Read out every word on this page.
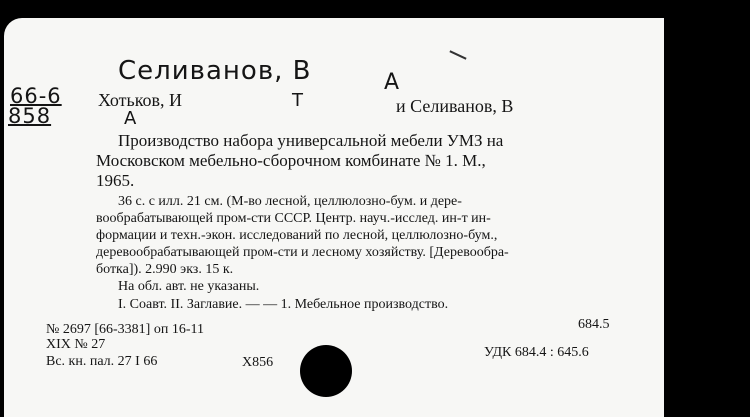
Селиванов, В	А
66-6
858
Хотьков, И	Т	и Селиванов, В
А
Производство набора универсальной мебели УМЗ на
Московском мебельно-сборочном комбинате № 1. М.,
1965.
36 с. с илл. 21 см. (М-во лесной, целлюлозно-бум. и дере-
вообрабатывающей пром-сти СССР. Центр. науч.-исслед. ин-т ин-
формации и техн.-экон. исследований по лесной, целлюлозно-бум.,
деревообрабатывающей пром-сти и лесному хозяйству. [Деревообра-
ботка]). 2.990 экз. 15 к.
На обл. авт. не указаны.
I. Соавт. II. Заглавие. — — 1. Мебельное производство.
684.5
№ 2697 [66-3381] оп 16-11
XIX № 27
Вс. кн. пал. 27 I 66	X856
УДК 684.4 : 645.6
